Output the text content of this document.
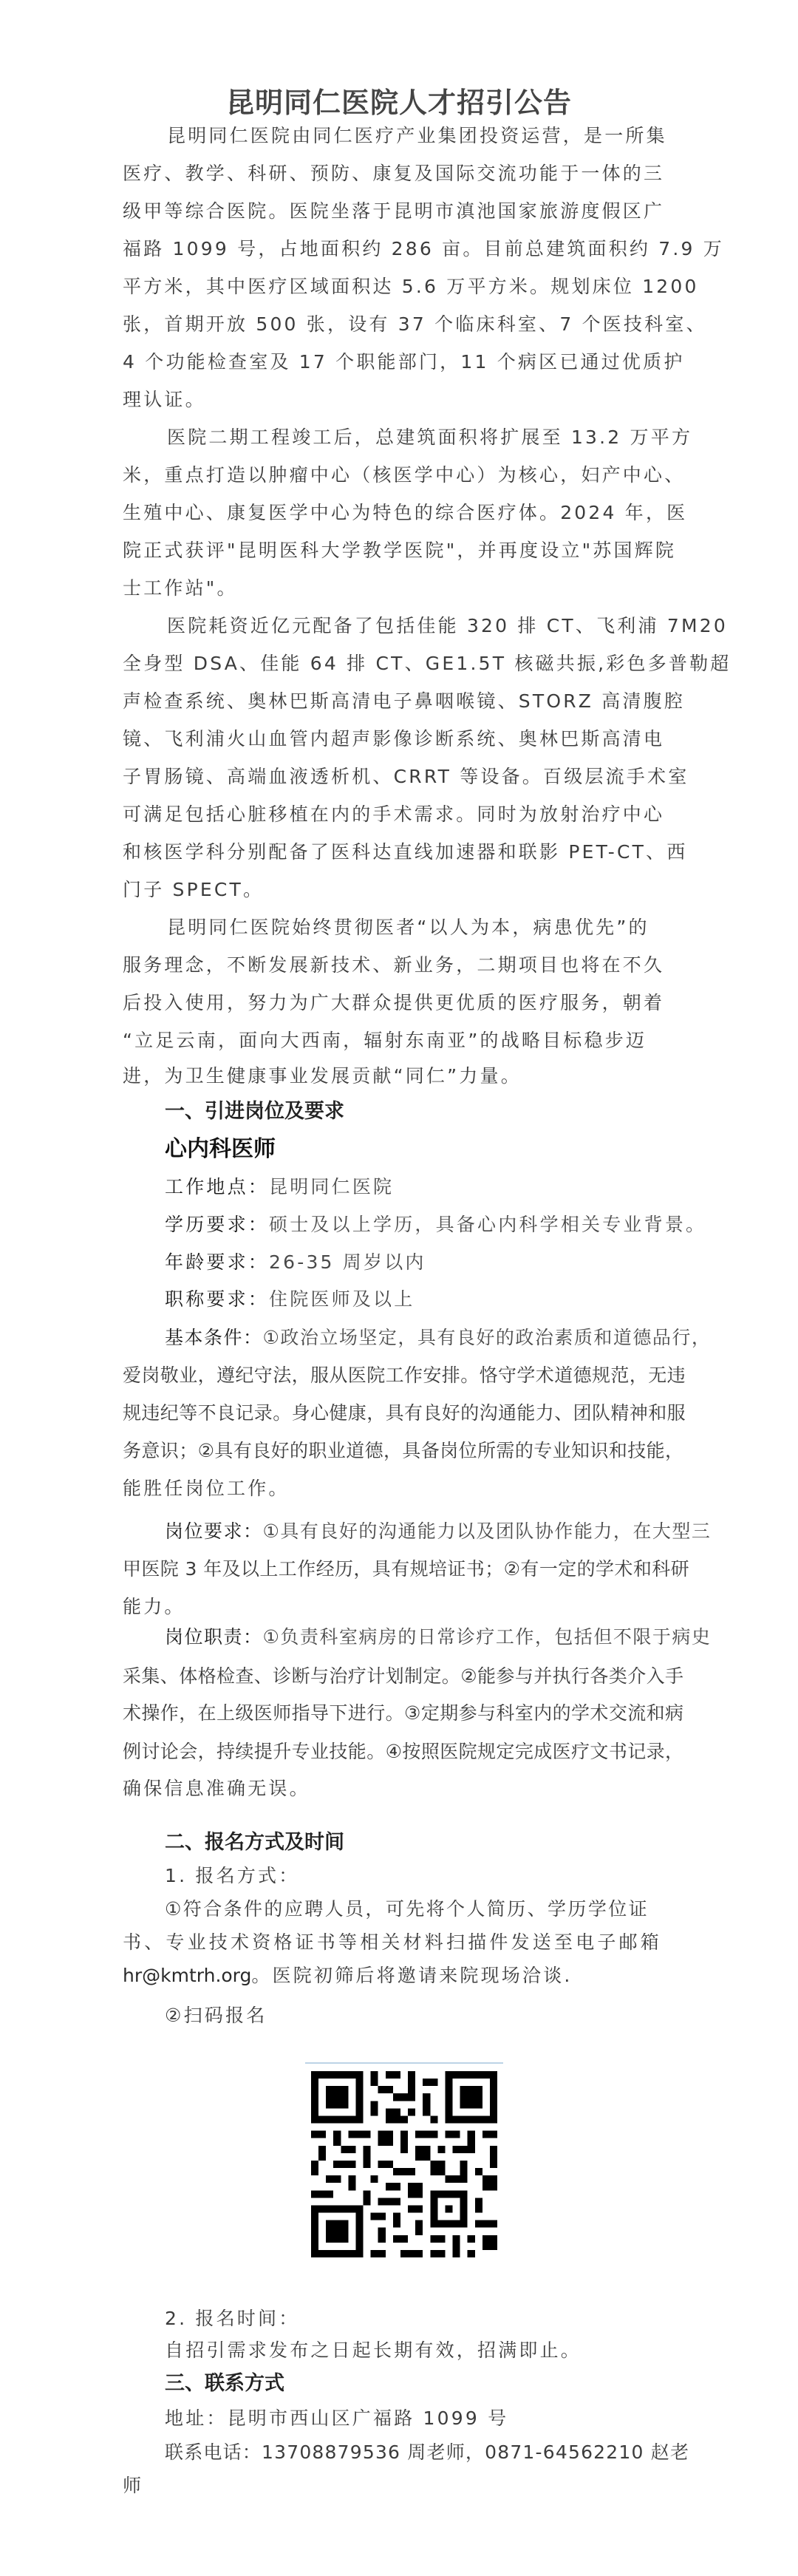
昆明同仁医院人才招引公告
昆明同仁医院由同仁医疗产业集团投资运营，是一所集
医疗、教学、科研、预防、康复及国际交流功能于一体的三
级甲等综合医院。医院坐落于昆明市滇池国家旅游度假区广
福路 1099 号，占地面积约 286 亩。目前总建筑面积约 7.9 万
平方米，其中医疗区域面积达 5.6 万平方米。规划床位 1200
张，首期开放 500 张，设有 37 个临床科室、7 个医技科室、
4 个功能检查室及 17 个职能部门，11 个病区已通过优质护
理认证。
医院二期工程竣工后，总建筑面积将扩展至 13.2 万平方
米，重点打造以肿瘤中心（核医学中心）为核心，妇产中心、
生殖中心、康复医学中心为特色的综合医疗体。2024 年，医
院正式获评"昆明医科大学教学医院"，并再度设立"苏国辉院
士工作站"。
医院耗资近亿元配备了包括佳能 320 排 CT、飞利浦 7M20
全身型 DSA、佳能 64 排 CT、GE1.5T 核磁共振,彩色多普勒超
声检查系统、奥林巴斯高清电子鼻咽喉镜、STORZ 高清腹腔
镜、飞利浦火山血管内超声影像诊断系统、奥林巴斯高清电
子胃肠镜、高端血液透析机、CRRT 等设备。百级层流手术室
可满足包括心脏移植在内的手术需求。同时为放射治疗中心
和核医学科分别配备了医科达直线加速器和联影 PET-CT、西
门子 SPECT。
昆明同仁医院始终贯彻医者“以人为本，病患优先”的
服务理念，不断发展新技术、新业务，二期项目也将在不久
后投入使用，努力为广大群众提供更优质的医疗服务，朝着
“立足云南，面向大西南，辐射东南亚”的战略目标稳步迈
进，为卫生健康事业发展贡献“同仁”力量。
一、引进岗位及要求
心内科医师
工作地点：昆明同仁医院
学历要求：硕士及以上学历，具备心内科学相关专业背景。
年龄要求：26-35 周岁以内
职称要求：住院医师及以上
基本条件：①政治立场坚定，具有良好的政治素质和道德品行，
爱岗敬业，遵纪守法，服从医院工作安排。恪守学术道德规范，无违
规违纪等不良记录。身心健康，具有良好的沟通能力、团队精神和服
务意识；②具有良好的职业道德，具备岗位所需的专业知识和技能，
能胜任岗位工作。
岗位要求：①具有良好的沟通能力以及团队协作能力，在大型三
甲医院 3 年及以上工作经历，具有规培证书；②有一定的学术和科研
能力。
岗位职责：①负责科室病房的日常诊疗工作，包括但不限于病史
采集、体格检查、诊断与治疗计划制定。②能参与并执行各类介入手
术操作，在上级医师指导下进行。③定期参与科室内的学术交流和病
例讨论会，持续提升专业技能。④按照医院规定完成医疗文书记录，
确保信息准确无误。
二、报名方式及时间
1. 报名方式：
①符合条件的应聘人员，可先将个人简历、学历学位证
书、专业技术资格证书等相关材料扫描件发送至电子邮箱
hr@kmtrh.org。医院初筛后将邀请来院现场洽谈.
②扫码报名
2. 报名时间：
自招引需求发布之日起长期有效，招满即止。
三、联系方式
地址：昆明市西山区广福路 1099 号
联系电话：13708879536 周老师，0871-64562210 赵老
师
